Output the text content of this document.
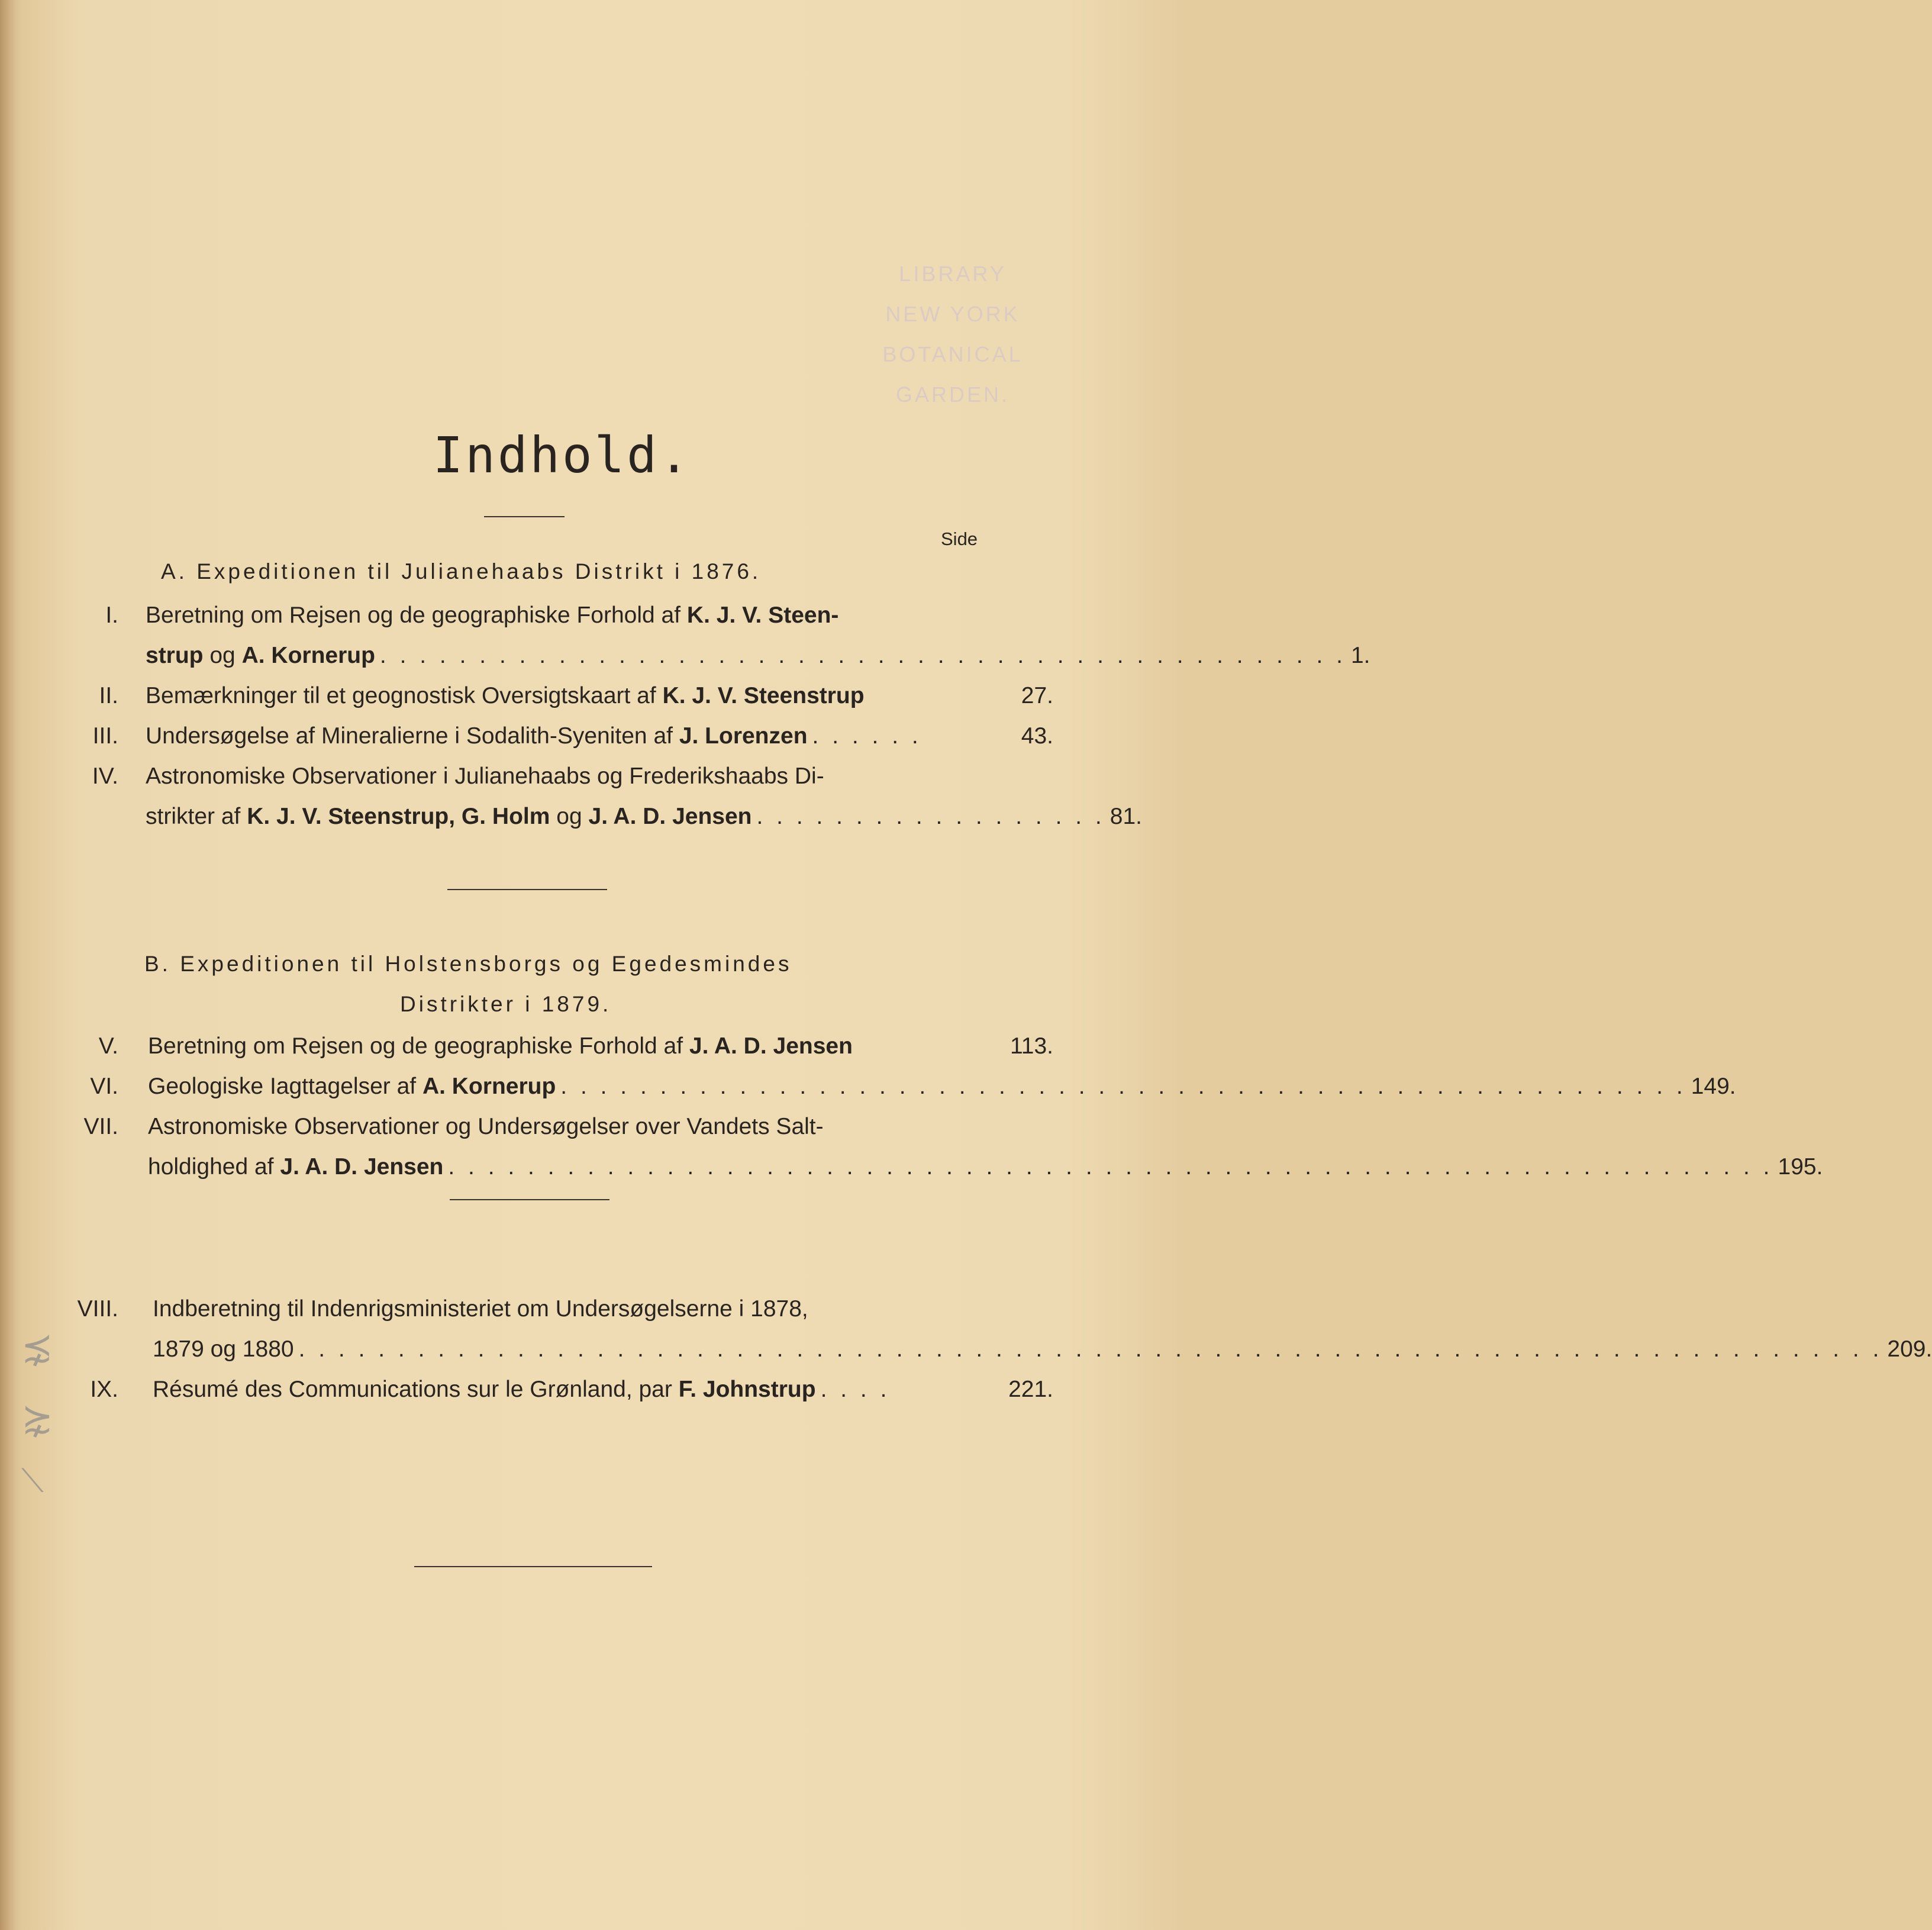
LIBRARY
NEW YORK
BOTANICAL
GARDEN.
Indhold.
Side
A. Expeditionen til Julianehaabs Distrikt i 1876.
I. Beretning om Rejsen og de geographiske Forhold af
K. J. V. Steen-
strup
og
A. Kornerup . . . . . . . . . . . . . . . . . . . . . . . . . . . . . . . . . . . . . . . . . . . . . . . . . 1.
II. Bemærkninger til et geognostisk Oversigtskaart af
K. J. V. Steenstrup	27.
III. Undersøgelse af Mineralierne i Sodalith-Syeniten af
J. Lorenzen . . . . . .	43.
IV. Astronomiske Observationer i Julianehaabs og Frederikshaabs Di-
strikter af
K. J. V. Steenstrup,
G. Holm
og
J. A. D. Jensen . . . . . . . . . . . . . . . . . . 81.
B. Expeditionen til Holstensborgs og Egedesmindes
Distrikter i 1879.
V. Beretning om Rejsen og de geographiske Forhold af
J. A. D. Jensen	113.
VI. Geologiske Iagttagelser af
A. Kornerup . . . . . . . . . . . . . . . . . . . . . . . . . . . . . . . . . . . . . . . . . . . . . . . . . . . . . . . . . 149.
VII. Astronomiske Observationer og Undersøgelser over Vandets Salt-
holdighed af
J. A. D. Jensen . . . . . . . . . . . . . . . . . . . . . . . . . . . . . . . . . . . . . . . . . . . . . . . . . . . . . . . . . . . . . . . . . . . 195.
VIII. Indberetning til Indenrigsministeriet om Undersøgelserne i 1878,
1879 og 1880 . . . . . . . . . . . . . . . . . . . . . . . . . . . . . . . . . . . . . . . . . . . . . . . . . . . . . . . . . . . . . . . . . . . . . . . . . . . . . . . . 209.
IX. Résumé des Communications sur le Grønland, par
F. Johnstrup . . . .	221.
⋨
⋩
⟍
